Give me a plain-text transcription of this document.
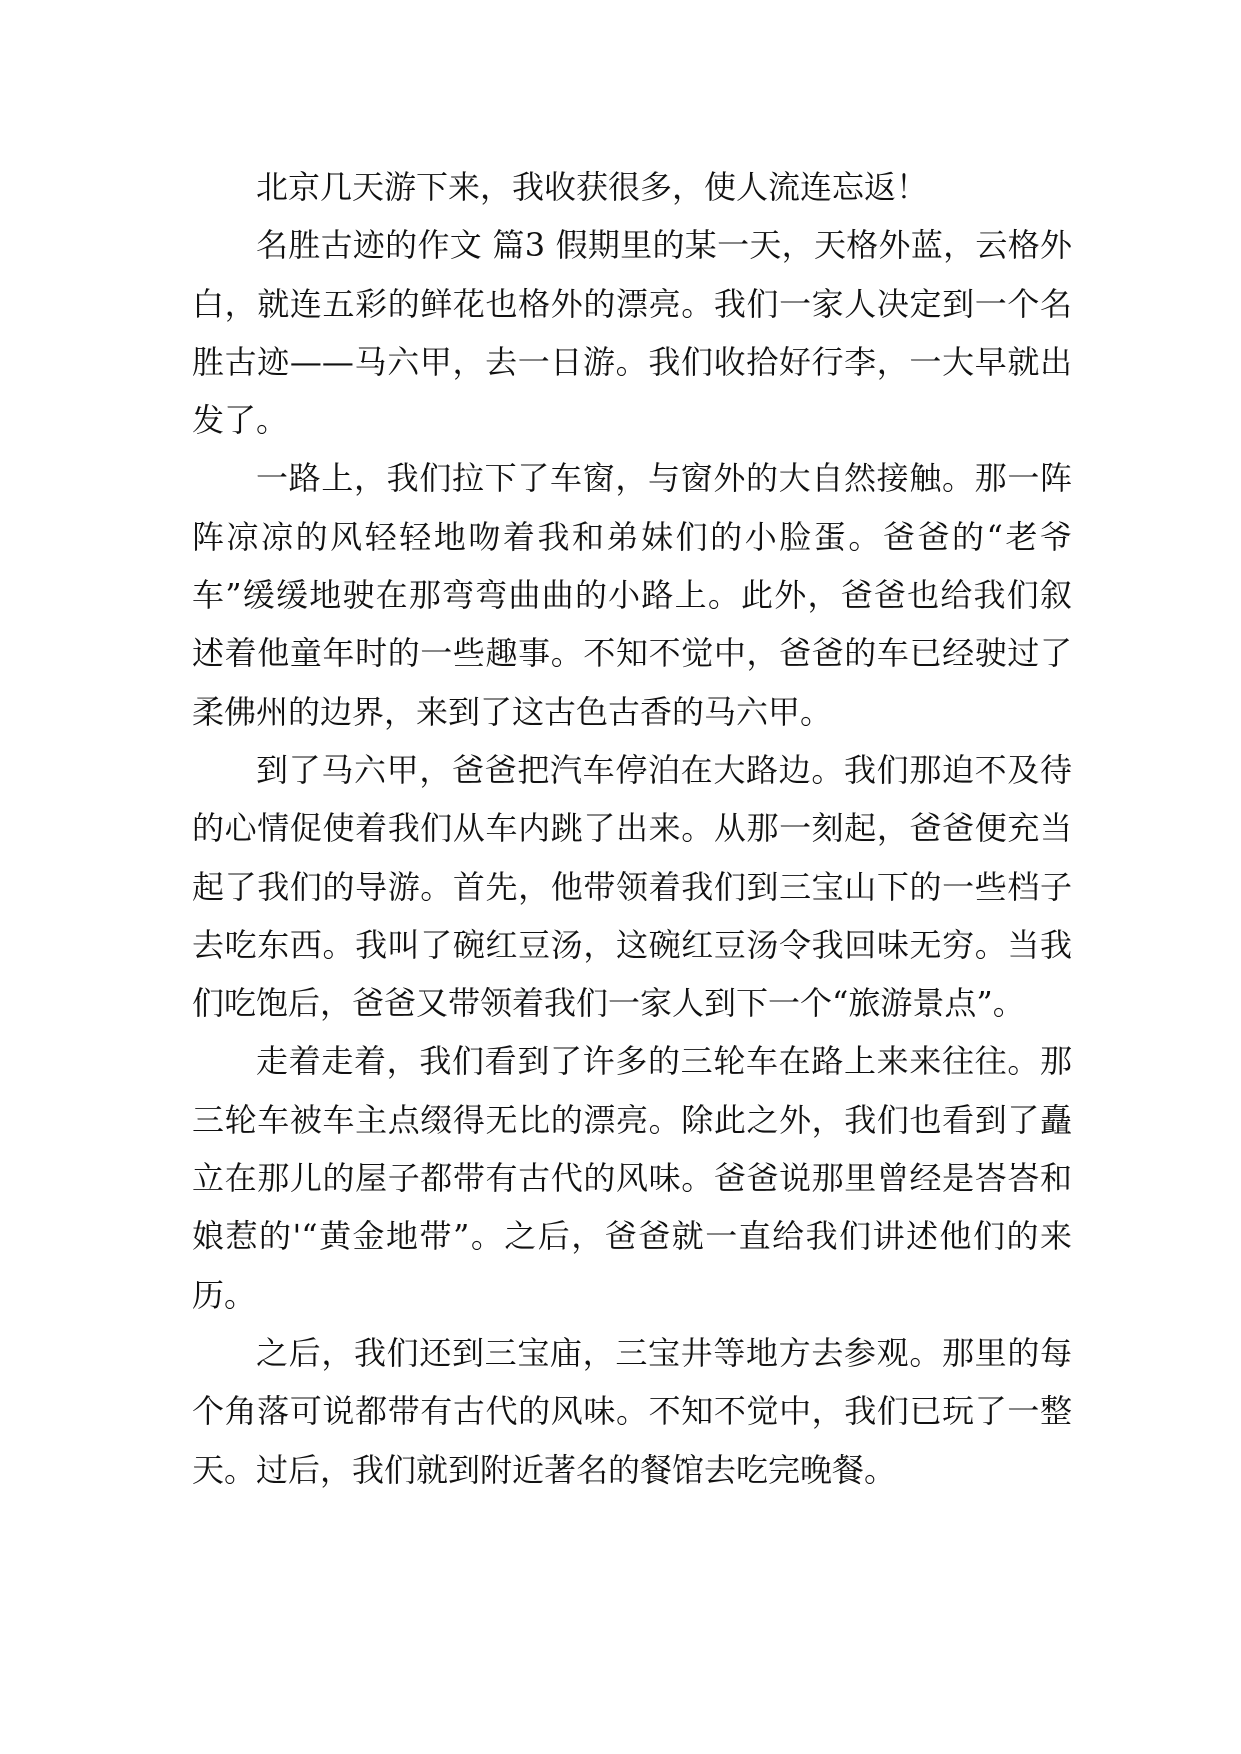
北京几天游下来，我收获很多，使人流连忘返！

名胜古迹的作文 篇3 假期里的某一天，天格外蓝，云格外白，就连五彩的鲜花也格外的漂亮。我们一家人决定到一个名胜古迹——马六甲，去一日游。我们收拾好行李，一大早就出发了。

一路上，我们拉下了车窗，与窗外的大自然接触。那一阵阵凉凉的风轻轻地吻着我和弟妹们的小脸蛋。爸爸的“老爷车”缓缓地驶在那弯弯曲曲的小路上。此外，爸爸也给我们叙述着他童年时的一些趣事。不知不觉中，爸爸的车已经驶过了柔佛州的边界，来到了这古色古香的马六甲。

到了马六甲，爸爸把汽车停泊在大路边。我们那迫不及待的心情促使着我们从车内跳了出来。从那一刻起，爸爸便充当起了我们的导游。首先，他带领着我们到三宝山下的一些档子去吃东西。我叫了碗红豆汤，这碗红豆汤令我回味无穷。当我们吃饱后，爸爸又带领着我们一家人到下一个“旅游景点”。

走着走着，我们看到了许多的三轮车在路上来来往往。那三轮车被车主点缀得无比的漂亮。除此之外，我们也看到了矗立在那儿的屋子都带有古代的风味。爸爸说那里曾经是峇峇和娘惹的'“黄金地带”。之后，爸爸就一直给我们讲述他们的来历。

之后，我们还到三宝庙，三宝井等地方去参观。那里的每个角落可说都带有古代的风味。不知不觉中，我们已玩了一整天。过后，我们就到附近著名的餐馆去吃完晚餐。
